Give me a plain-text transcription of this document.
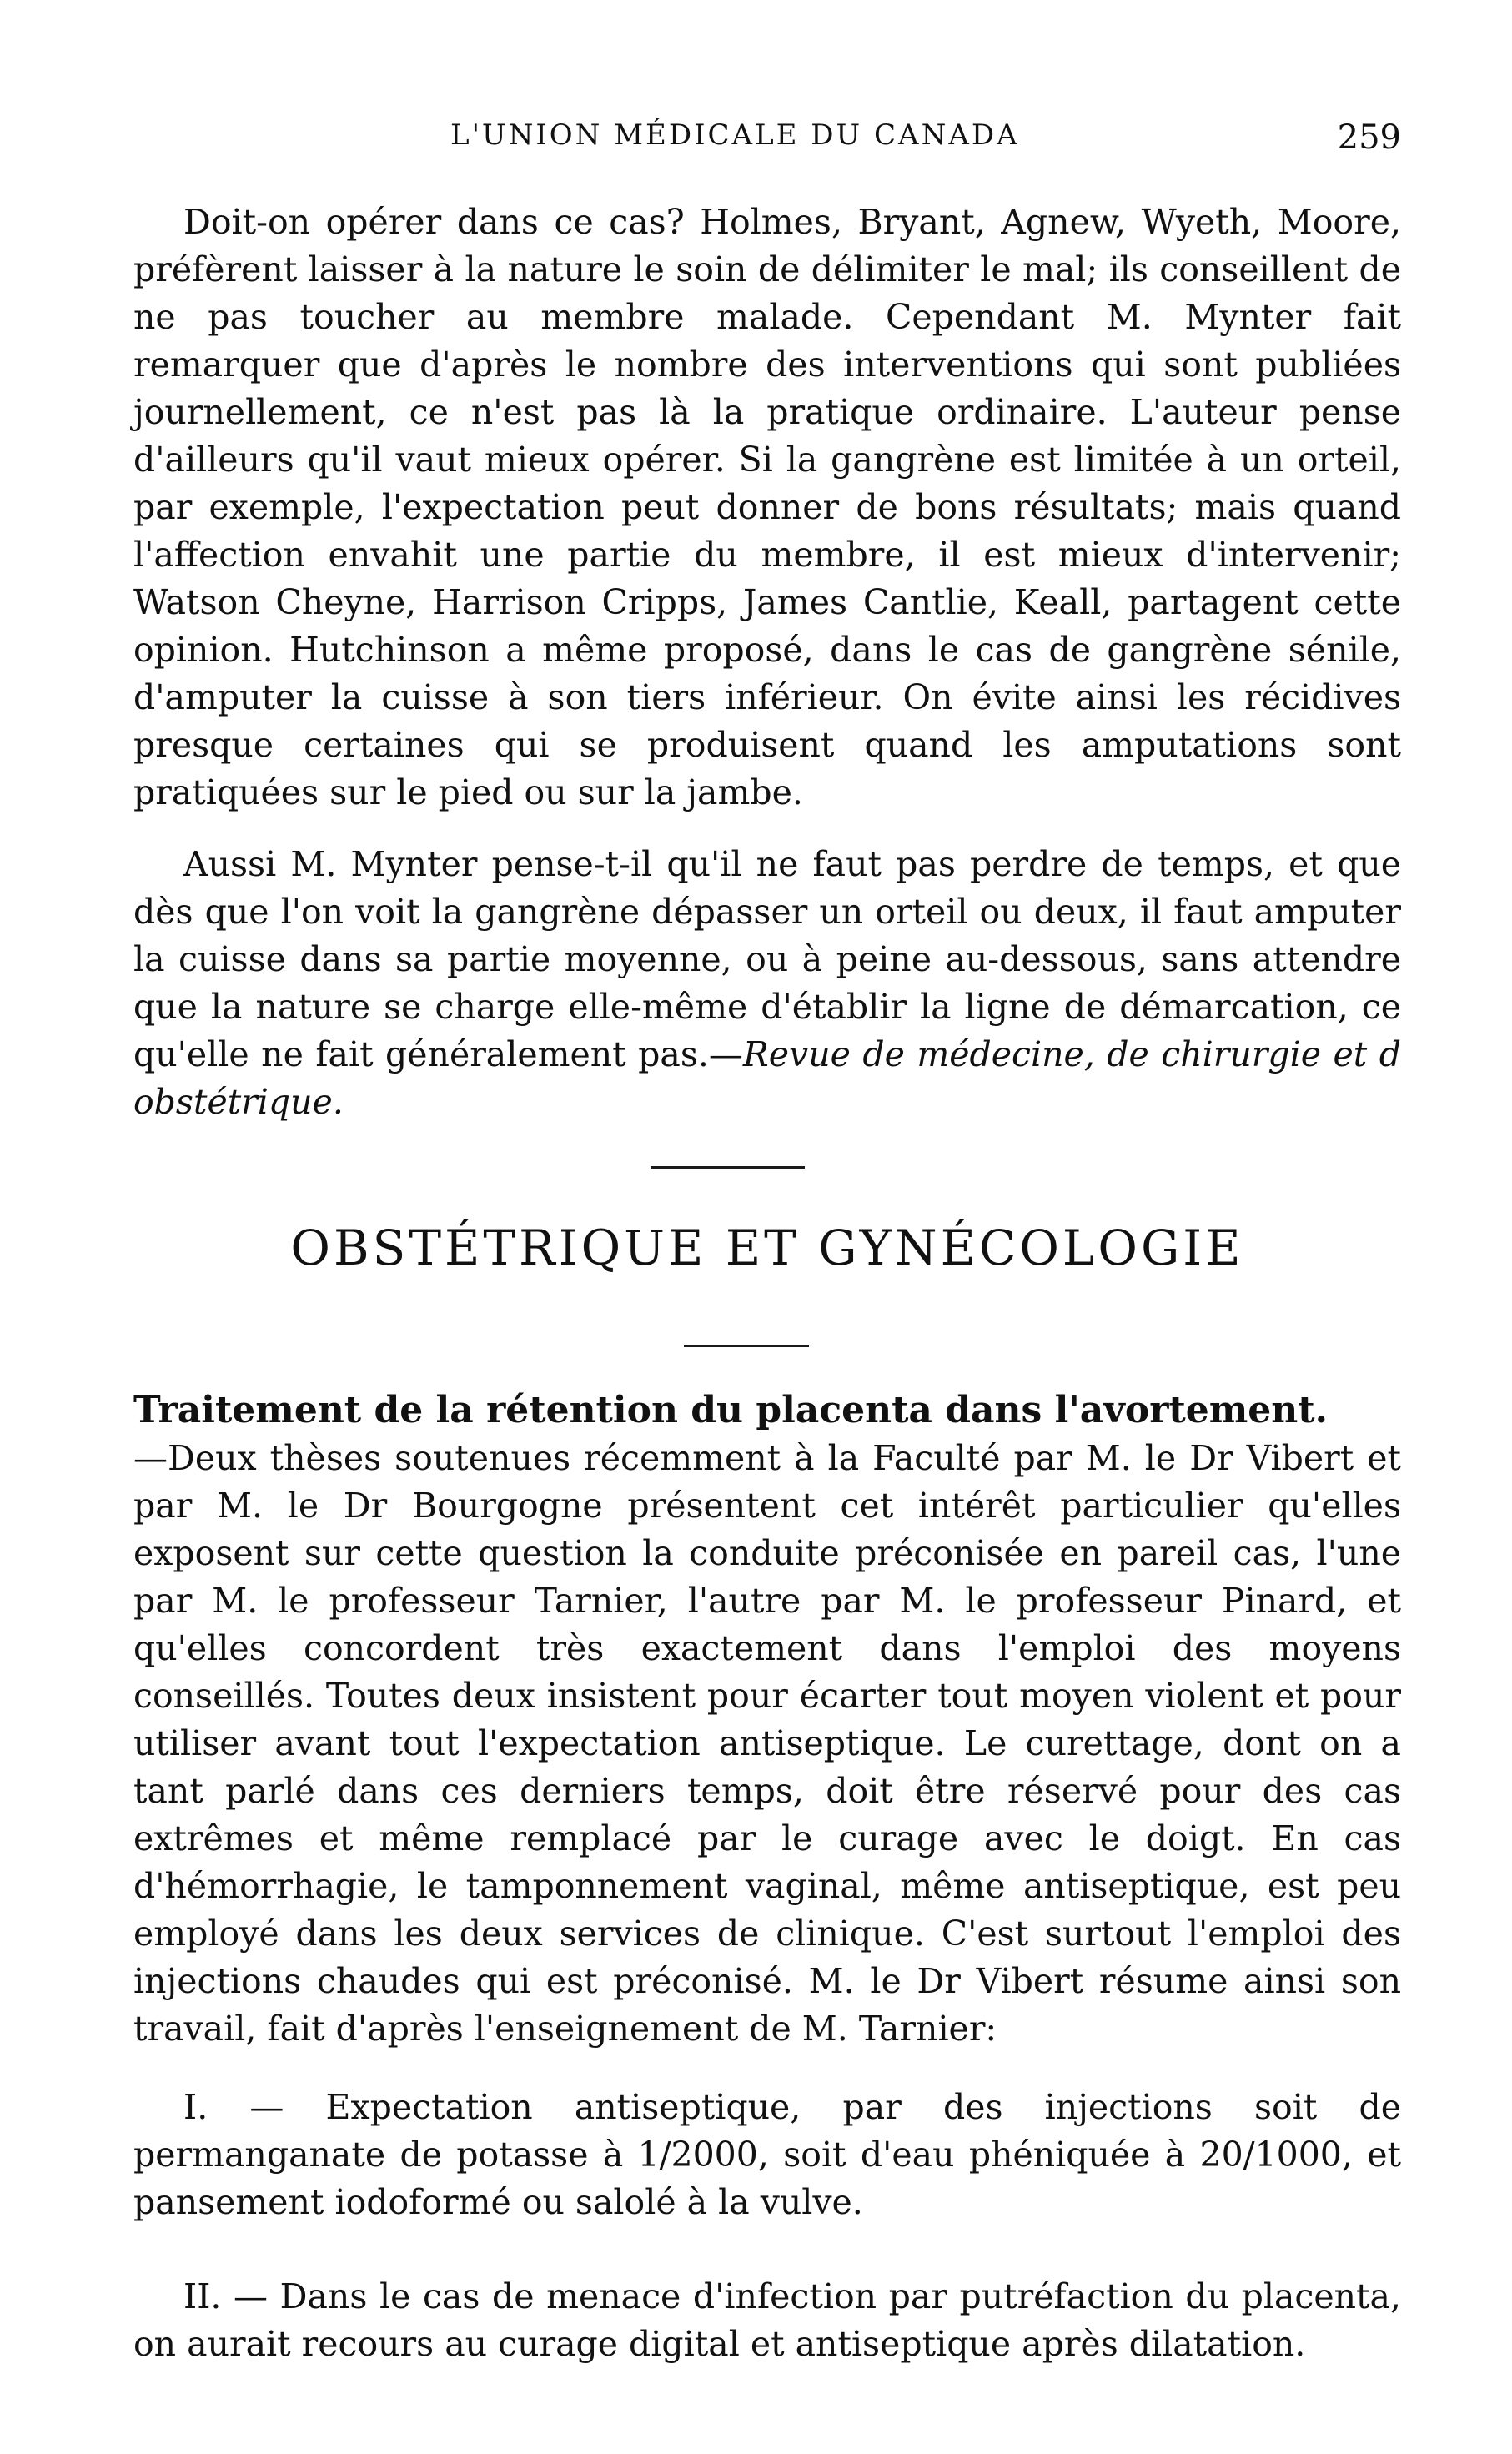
L'UNION MÉDICALE DU CANADA	259

Doit-on opérer dans ce cas? Holmes, Bryant, Agnew, Wyeth, Moore, préfèrent laisser à la nature le soin de délimiter le mal; ils conseillent de ne pas toucher au membre malade. Cependant M. Mynter fait remarquer que d'après le nombre des interventions qui sont publiées journellement, ce n'est pas là la pratique ordinaire. L'auteur pense d'ailleurs qu'il vaut mieux opérer. Si la gangrène est limitée à un orteil, par exemple, l'expectation peut donner de bons résultats; mais quand l'affection envahit une partie du membre, il est mieux d'intervenir; Watson Cheyne, Harrison Cripps, James Cantlie, Keall, partagent cette opinion. Hutchinson a même proposé, dans le cas de gangrène sénile, d'amputer la cuisse à son tiers inférieur. On évite ainsi les récidives presque certaines qui se produisent quand les amputations sont pratiquées sur le pied ou sur la jambe.

Aussi M. Mynter pense-t-il qu'il ne faut pas perdre de temps, et que dès que l'on voit la gangrène dépasser un orteil ou deux, il faut amputer la cuisse dans sa partie moyenne, ou à peine au-dessous, sans attendre que la nature se charge elle-même d'établir la ligne de démarcation, ce qu'elle ne fait généralement pas.—Revue de médecine, de chirurgie et d obstétrique.

OBSTÉTRIQUE ET GYNÉCOLOGIE

Traitement de la rétention du placenta dans l'avortement.
—Deux thèses soutenues récemment à la Faculté par M. le Dr Vibert et par M. le Dr Bourgogne présentent cet intérêt particulier qu'elles exposent sur cette question la conduite préconisée en pareil cas, l'une par M. le professeur Tarnier, l'autre par M. le professeur Pinard, et qu'elles concordent très exactement dans l'emploi des moyens conseillés. Toutes deux insistent pour écarter tout moyen violent et pour utiliser avant tout l'expectation antiseptique. Le curettage, dont on a tant parlé dans ces derniers temps, doit être réservé pour des cas extrêmes et même remplacé par le curage avec le doigt. En cas d'hémorrhagie, le tamponnement vaginal, même antiseptique, est peu employé dans les deux services de clinique. C'est surtout l'emploi des injections chaudes qui est préconisé. M. le Dr Vibert résume ainsi son travail, fait d'après l'enseignement de M. Tarnier:

I. — Expectation antiseptique, par des injections soit de permanganate de potasse à 1/2000, soit d'eau phéniquée à 20/1000, et pansement iodoformé ou salolé à la vulve.

II. — Dans le cas de menace d'infection par putréfaction du placenta, on aurait recours au curage digital et antiseptique après dilatation.
